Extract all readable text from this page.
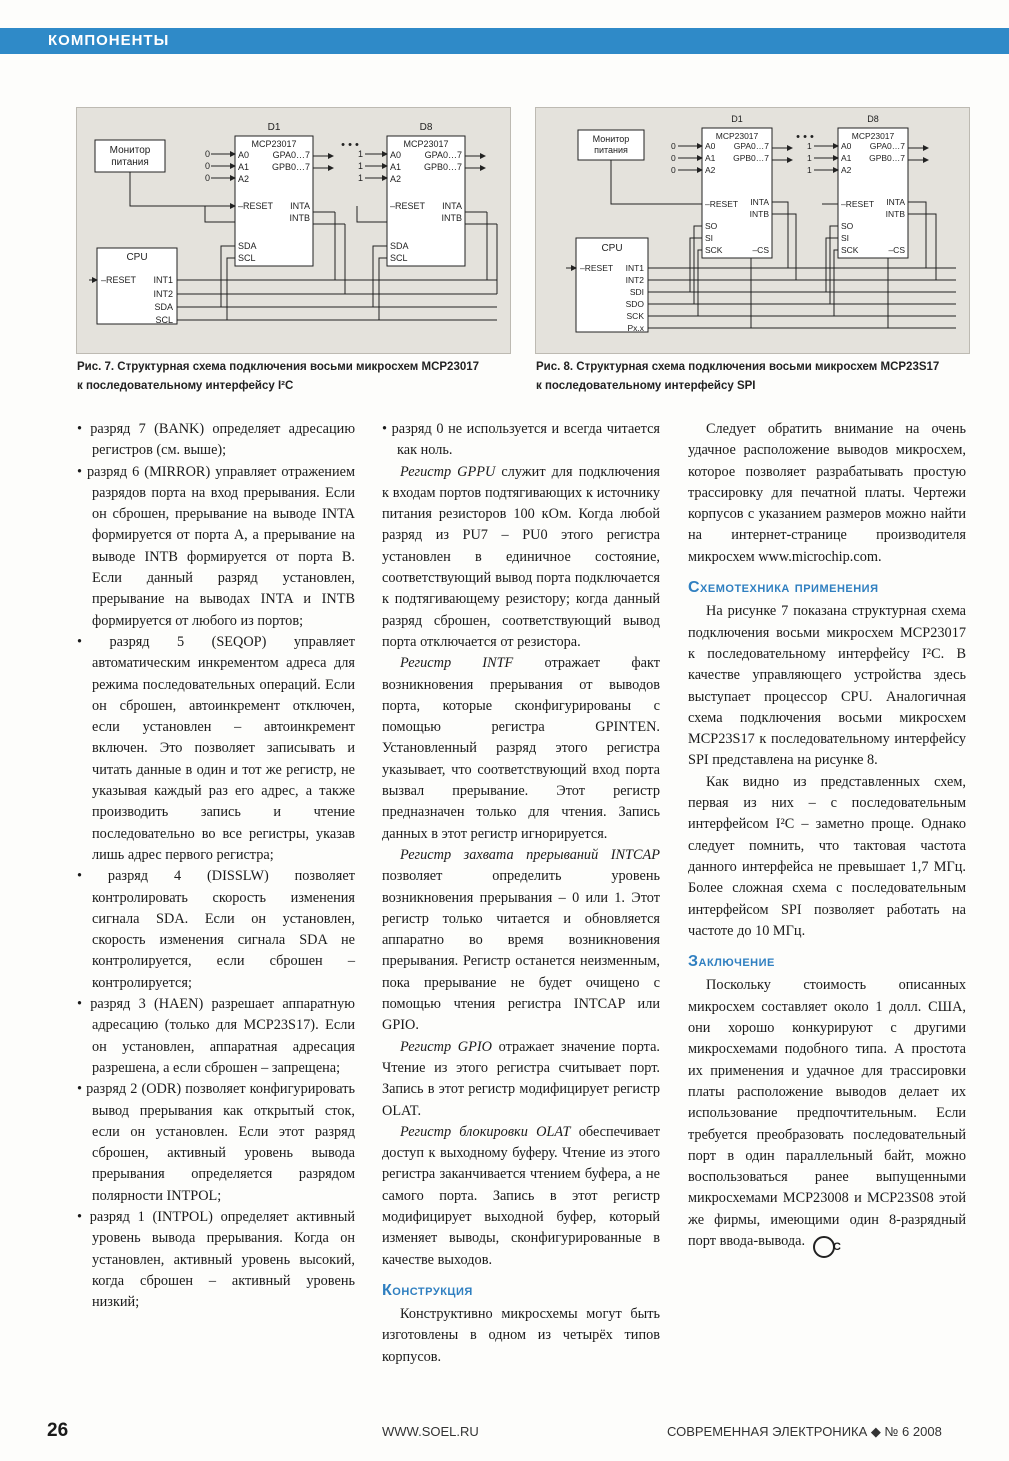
КОМПОНЕНТЫ
Монитор
питания
CPU
–RESET INT1
INT2
SDA
SCL
D1	D8
MCP23017	MCP23017
• • •
0
0
0
1
1
1
A0
A1
A2
–RESET
SDA
SCL
GPA0…7
GPB0…7
INTA
INTB
A0
A1
A2
–RESET
SDA
SCL
GPA0…7
GPB0…7
INTA
INTB
Монитор
питания
CPU
–RESET INT1
INT2
SDI
SDO
SCK
Px.x
D1	D8
MCP23017	MCP23017
• • •
0
0
0
1
1
1
A0
A1
A2
–RESET
SO
SI
SCK
GPA0…7
GPB0…7
INTA
INTB
–CS
A0
A1
A2
–RESET
SO
SI
SCK
GPA0…7
GPB0…7
INTA
INTB
–CS
Рис. 7. Структурная схема подключения восьми микросхем MCP23017
к последовательному интерфейсу I²C
Рис. 8. Структурная схема подключения восьми микросхем MCP23S17
к последовательному интерфейсу SPI

• разряд 7 (BANK) определяет адресацию регистров (см. выше);

• разряд 6 (MIRROR) управляет отражением разрядов порта на вход прерывания. Если он сброшен, прерывание на выводе INTA формируется от порта А, а прерывание на выводе INTB формируется от порта В. Если данный разряд установлен, прерывание на выводах INTA и INTB формируется от любого из портов;

• разряд 5 (SEQOP) управляет автоматическим инкрементом адреса для режима последовательных операций. Если он сброшен, автоинкремент отключен, если установлен – автоинкремент включен. Это позволяет записывать и читать данные в один и тот же регистр, не указывая каждый раз его адрес, а также производить запись и чтение последовательно во все регистры, указав лишь адрес первого регистра;

• разряд 4 (DISSLW) позволяет контролировать скорость изменения сигнала SDA. Если он установлен, скорость изменения сигнала SDA не контролируется, если сброшен – контролируется;

• разряд 3 (HAEN) разрешает аппаратную адресацию (только для MCP23S17). Если он установлен, аппаратная адресация разрешена, а если сброшен – запрещена;

• разряд 2 (ODR) позволяет конфигурировать вывод прерывания как открытый сток, если он установлен. Если этот разряд сброшен, активный уровень вывода прерывания определяется разрядом полярности INTPOL;

• разряд 1 (INTPOL) определяет активный уровень вывода прерывания. Когда он установлен, активный уровень высокий, когда сброшен – активный уровень низкий;

• разряд 0 не используется и всегда читается как ноль.

Регистр GPPU служит для подключения к входам портов подтягивающих к источнику питания резисторов 100 кОм. Когда любой разряд из PU7 – PU0 этого регистра установлен в единичное состояние, соответствующий вывод порта подключается к подтягивающему резистору; когда данный разряд сброшен, соответствующий вывод порта отключается от резистора.

Регистр INTF отражает факт возникновения прерывания от выводов порта, которые сконфигурированы с помощью регистра GPINTEN. Установленный разряд этого регистра указывает, что соответствующий вход порта вызвал прерывание. Этот регистр предназначен только для чтения. Запись данных в этот регистр игнорируется.

Регистр захвата прерываний INTCAP позволяет определить уровень возникновения прерывания – 0 или 1. Этот регистр только читается и обновляется аппаратно во время возникновения прерывания. Регистр останется неизменным, пока прерывание не будет очищено с помощью чтения регистра INTCAP или GPIO.

Регистр GPIO отражает значение порта. Чтение из этого регистра считывает порт. Запись в этот регистр модифицирует регистр OLAT.

Регистр блокировки OLAT обеспечивает доступ к выходному буферу. Чтение из этого регистра заканчивается чтением буфера, а не самого порта. Запись в этот регистр модифицирует выходной буфер, который изменяет выводы, сконфигурированные в качестве выходов.

Конструкция

Конструктивно микросхемы могут быть изготовлены в одном из четырёх типов корпусов.

Следует обратить внимание на очень удачное расположение выводов микросхем, которое позволяет разрабатывать простую трассировку для печатной платы. Чертежи корпусов с указанием размеров можно найти на интернет-странице производителя микросхем www.microchip.com.

Схемотехника применения

На рисунке 7 показана структурная схема подключения восьми микросхем MCP23017 к последовательному интерфейсу I²C. В качестве управляющего устройства здесь выступает процессор CPU. Аналогичная схема подключения восьми микросхем MCP23S17 к последовательному интерфейсу SPI представлена на рисунке 8.

Как видно из представленных схем, первая из них – с последовательным интерфейсом I²C – заметно проще. Однако следует помнить, что тактовая частота данного интерфейса не превышает 1,7 МГц. Более сложная схема с последовательным интерфейсом SPI позволяет работать на частоте до 10 МГц.

Заключение

Поскольку стоимость описанных микросхем составляет около 1 долл. США, они хорошо конкурируют с другими микросхемами подобного типа. А простота их применения и удачное для трассировки платы расположение выводов делает их использование предпочтительным. Если требуется преобразовать последовательный порт в один параллельный байт, можно воспользоваться ранее выпущенными микросхемами MCP23008 и MCP23S08 этой же фирмы, имеющими один 8-разрядный порт ввода-вывода.	C

26	WWW.SOEL.RU	СОВРЕМЕННАЯ ЭЛЕКТРОНИКА ◆ № 6 2008
